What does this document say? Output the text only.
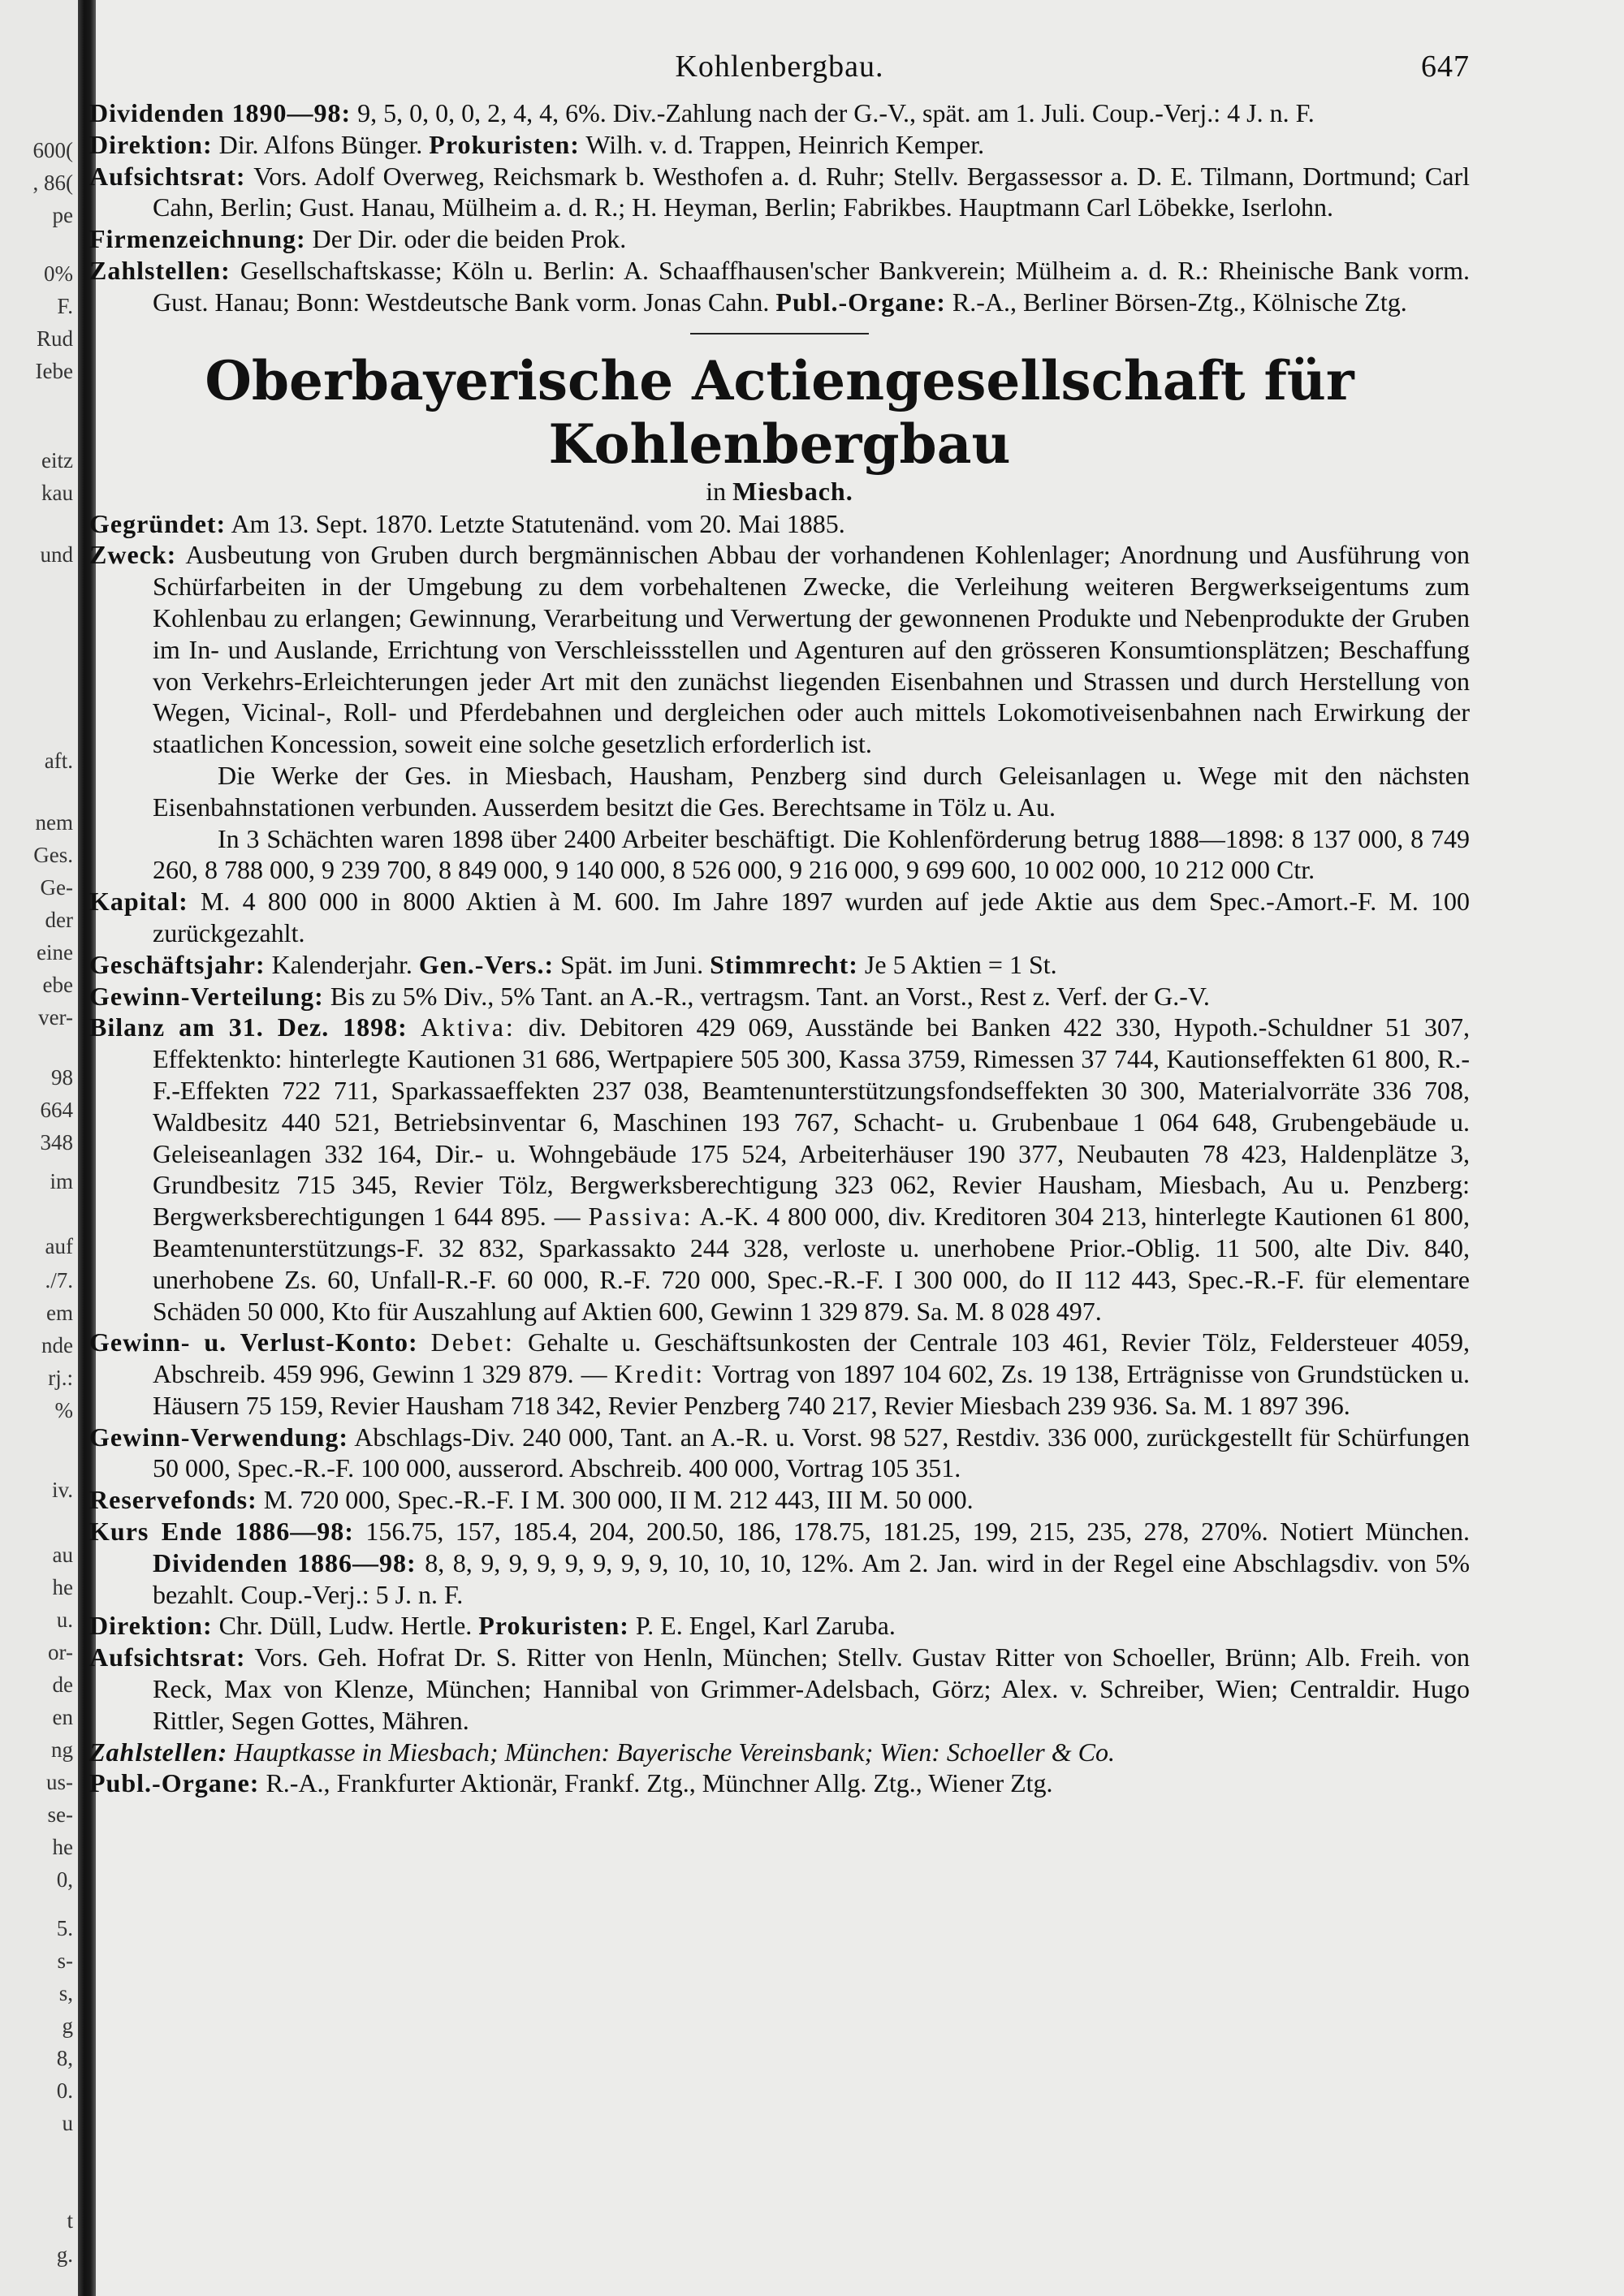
600(
, 86(
pe
0%
F.
Rud
Iebe
eitz
kau
und
aft.
nem
Ges.
Ge-
der
eine
ebe
ver-
98
664
348
im
auf
./7.
em
nde
rj.:
%
iv.
au
he
u.
or-
de
en
ng
us-
se-
he
0,
5.
s-
s,
g
8,
0.
u
t
g.
Kohlenbergbau.	647

Dividenden 1890—98: 9, 5, 0, 0, 0, 2, 4, 4, 6%. Div.-Zahlung nach der G.-V., spät. am 1. Juli. Coup.-Verj.: 4 J. n. F.

Direktion: Dir. Alfons Bünger. Prokuristen: Wilh. v. d. Trappen, Heinrich Kemper.

Aufsichtsrat: Vors. Adolf Overweg, Reichsmark b. Westhofen a. d. Ruhr; Stellv. Bergassessor a. D. E. Tilmann, Dortmund; Carl Cahn, Berlin; Gust. Hanau, Mülheim a. d. R.; H. Heyman, Berlin; Fabrikbes. Hauptmann Carl Löbekke, Iserlohn.

Firmenzeichnung: Der Dir. oder die beiden Prok.

Zahlstellen: Gesellschaftskasse; Köln u. Berlin: A. Schaaffhausen'scher Bankverein; Mülheim a. d. R.: Rheinische Bank vorm. Gust. Hanau; Bonn: Westdeutsche Bank vorm. Jonas Cahn. Publ.-Organe: R.-A., Berliner Börsen-Ztg., Kölnische Ztg.

Oberbayerische Actiengesellschaft für Kohlenbergbau
in Miesbach.

Gegründet: Am 13. Sept. 1870. Letzte Statutenänd. vom 20. Mai 1885.

Zweck: Ausbeutung von Gruben durch bergmännischen Abbau der vorhandenen Kohlenlager; Anordnung und Ausführung von Schürfarbeiten in der Umgebung zu dem vorbehaltenen Zwecke, die Verleihung weiteren Bergwerkseigentums zum Kohlenbau zu erlangen; Gewinnung, Verarbeitung und Verwertung der gewonnenen Produkte und Nebenprodukte der Gruben im In- und Auslande, Errichtung von Verschleissstellen und Agenturen auf den grösseren Konsumtionsplätzen; Beschaffung von Verkehrs-Erleichterungen jeder Art mit den zunächst liegenden Eisenbahnen und Strassen und durch Herstellung von Wegen, Vicinal-, Roll- und Pferdebahnen und dergleichen oder auch mittels Lokomotiveisenbahnen nach Erwirkung der staatlichen Koncession, soweit eine solche gesetzlich erforderlich ist.

Die Werke der Ges. in Miesbach, Hausham, Penzberg sind durch Geleisanlagen u. Wege mit den nächsten Eisenbahnstationen verbunden. Ausserdem besitzt die Ges. Berechtsame in Tölz u. Au.

In 3 Schächten waren 1898 über 2400 Arbeiter beschäftigt. Die Kohlenförderung betrug 1888—1898: 8 137 000, 8 749 260, 8 788 000, 9 239 700, 8 849 000, 9 140 000, 8 526 000, 9 216 000, 9 699 600, 10 002 000, 10 212 000 Ctr.

Kapital: M. 4 800 000 in 8000 Aktien à M. 600. Im Jahre 1897 wurden auf jede Aktie aus dem Spec.-Amort.-F. M. 100 zurückgezahlt.

Geschäftsjahr: Kalenderjahr. Gen.-Vers.: Spät. im Juni. Stimmrecht: Je 5 Aktien = 1 St.

Gewinn-Verteilung: Bis zu 5% Div., 5% Tant. an A.-R., vertragsm. Tant. an Vorst., Rest z. Verf. der G.-V.

Bilanz am 31. Dez. 1898: Aktiva: div. Debitoren 429 069, Ausstände bei Banken 422 330, Hypoth.-Schuldner 51 307, Effektenkto: hinterlegte Kautionen 31 686, Wertpapiere 505 300, Kassa 3759, Rimessen 37 744, Kautionseffekten 61 800, R.-F.-Effekten 722 711, Sparkassaeffekten 237 038, Beamtenunterstützungsfondseffekten 30 300, Materialvorräte 336 708, Waldbesitz 440 521, Betriebsinventar 6, Maschinen 193 767, Schacht- u. Grubenbaue 1 064 648, Grubengebäude u. Geleiseanlagen 332 164, Dir.- u. Wohngebäude 175 524, Arbeiterhäuser 190 377, Neubauten 78 423, Haldenplätze 3, Grundbesitz 715 345, Revier Tölz, Bergwerksberechtigung 323 062, Revier Hausham, Miesbach, Au u. Penzberg: Bergwerksberechtigungen 1 644 895. — Passiva: A.-K. 4 800 000, div. Kreditoren 304 213, hinterlegte Kautionen 61 800, Beamtenunterstützungs-F. 32 832, Sparkassakto 244 328, verloste u. unerhobene Prior.-Oblig. 11 500, alte Div. 840, unerhobene Zs. 60, Unfall-R.-F. 60 000, R.-F. 720 000, Spec.-R.-F. I 300 000, do II 112 443, Spec.-R.-F. für elementare Schäden 50 000, Kto für Auszahlung auf Aktien 600, Gewinn 1 329 879. Sa. M. 8 028 497.

Gewinn- u. Verlust-Konto: Debet: Gehalte u. Geschäftsunkosten der Centrale 103 461, Revier Tölz, Feldersteuer 4059, Abschreib. 459 996, Gewinn 1 329 879. — Kredit: Vortrag von 1897 104 602, Zs. 19 138, Erträgnisse von Grundstücken u. Häusern 75 159, Revier Hausham 718 342, Revier Penzberg 740 217, Revier Miesbach 239 936. Sa. M. 1 897 396.

Gewinn-Verwendung: Abschlags-Div. 240 000, Tant. an A.-R. u. Vorst. 98 527, Restdiv. 336 000, zurückgestellt für Schürfungen 50 000, Spec.-R.-F. 100 000, ausserord. Abschreib. 400 000, Vortrag 105 351.

Reservefonds: M. 720 000, Spec.-R.-F. I M. 300 000, II M. 212 443, III M. 50 000.

Kurs Ende 1886—98: 156.75, 157, 185.4, 204, 200.50, 186, 178.75, 181.25, 199, 215, 235, 278, 270%. Notiert München. Dividenden 1886—98: 8, 8, 9, 9, 9, 9, 9, 9, 9, 10, 10, 10, 12%. Am 2. Jan. wird in der Regel eine Abschlagsdiv. von 5% bezahlt. Coup.-Verj.: 5 J. n. F.

Direktion: Chr. Düll, Ludw. Hertle. Prokuristen: P. E. Engel, Karl Zaruba.

Aufsichtsrat: Vors. Geh. Hofrat Dr. S. Ritter von Henln, München; Stellv. Gustav Ritter von Schoeller, Brünn; Alb. Freih. von Reck, Max von Klenze, München; Hannibal von Grimmer-Adelsbach, Görz; Alex. v. Schreiber, Wien; Centraldir. Hugo Rittler, Segen Gottes, Mähren.

Zahlstellen: Hauptkasse in Miesbach; München: Bayerische Vereinsbank; Wien: Schoeller & Co.

Publ.-Organe: R.-A., Frankfurter Aktionär, Frankf. Ztg., Münchner Allg. Ztg., Wiener Ztg.
